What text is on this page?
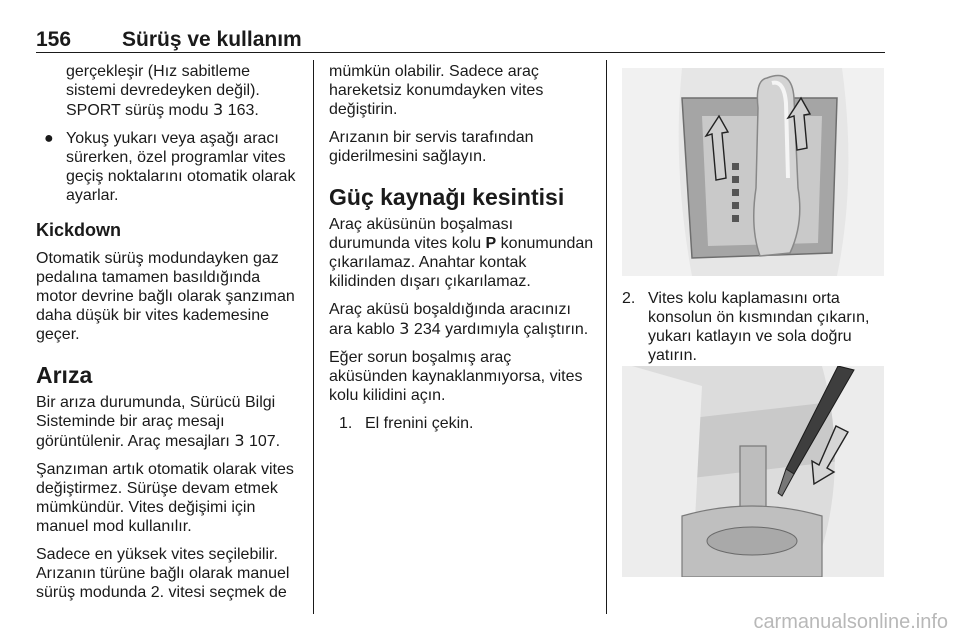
156 Sürüş ve kullanım

gerçekleşir (Hız sabitleme sistemi devredeyken değil). SPORT sürüş modu 3 163.

● Yokuş yukarı veya aşağı aracı sürerken, özel programlar vites geçiş noktalarını otomatik olarak ayarlar.
Kickdown

Otomatik sürüş modundayken gaz pedalına tamamen basıldığında motor devrine bağlı olarak şanzıman daha düşük bir vites kademesine geçer.

Arıza

Bir arıza durumunda, Sürücü Bilgi Sisteminde bir araç mesajı görüntülenir. Araç mesajları 3 107.

Şanzıman artık otomatik olarak vites değiştirmez. Sürüşe devam etmek mümkündür. Vites değişimi için manuel mod kullanılır.

Sadece en yüksek vites seçilebilir. Arızanın türüne bağlı olarak manuel sürüş modunda 2. vitesi seçmek de

mümkün olabilir. Sadece araç hareketsiz konumdayken vites değiştirin.

Arızanın bir servis tarafından giderilmesini sağlayın.

Güç kaynağı kesintisi

Araç aküsünün boşalması durumunda vites kolu P konumundan çıkarılamaz. Anahtar kontak kilidinden dışarı çıkarılamaz.

Araç aküsü boşaldığında aracınızı ara kablo 3 234 yardımıyla çalıştırın.

Eğer sorun boşalmış araç aküsünden kaynaklanmıyorsa, vites kolu kilidini açın.

1. El frenini çekin.
2. Vites kolu kaplamasını orta konsolun ön kısmından çıkarın, yukarı katlayın ve sola doğru yatırın.
carmanualsonline.info
